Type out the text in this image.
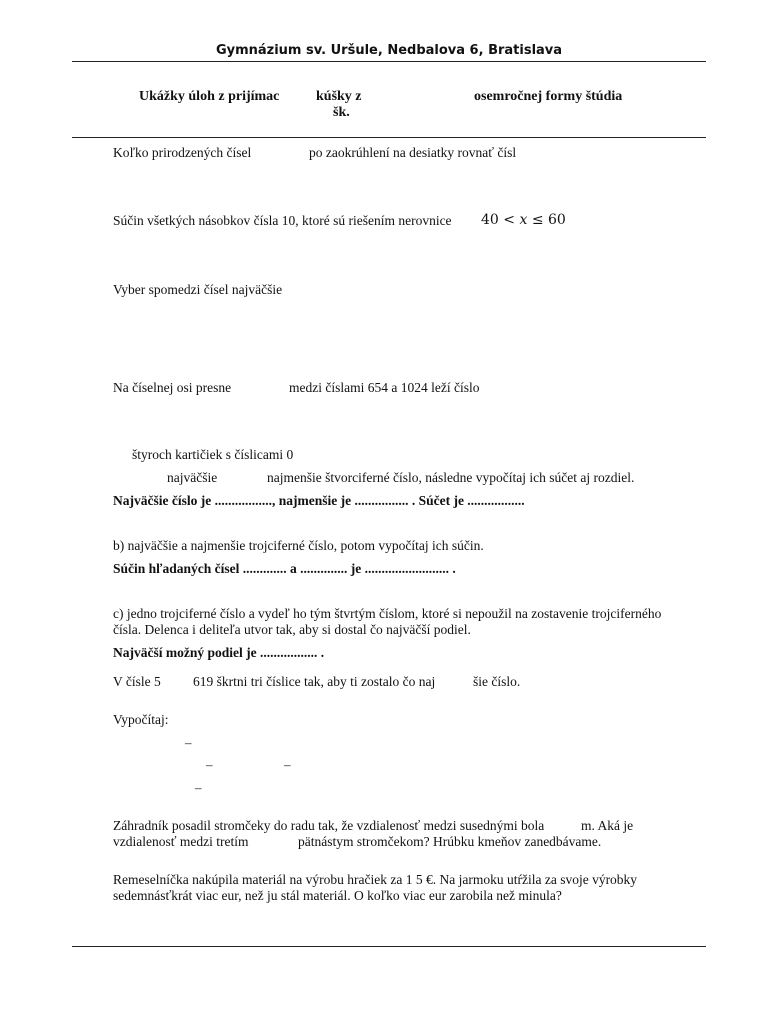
Gymnázium sv. Uršule, Nedbalova 6, Bratislava
Ukážky úloh z prijímac	kúšky z
šk.
osemročnej formy štúdia
Koľko prirodzených čísel	po zaokrúhlení na desiatky rovnať čísl
Súčin všetkých násobkov čísla 10, ktoré sú riešením nerovnice 40 < x ≤ 60
Vyber spomedzi čísel najväčšie
Na číselnej osi presne	medzi číslami 654 a 1024 leží číslo
štyroch kartičiek s číslicami 0
najväčšie	najmenšie štvorciferné číslo, následne vypočítaj ich súčet aj rozdiel.
Najväčšie číslo je ................., najmenšie je ................ . Súčet je .................
b) najväčšie a najmenšie trojciferné číslo, potom vypočítaj ich súčin.
Súčin hľadaných čísel ............. a .............. je ......................... .
c) jedno trojciferné číslo a vydeľ ho tým štvrtým číslom, ktoré si nepoužil na zostavenie trojciferného
čísla. Delenca i deliteľa utvor tak, aby si dostal čo najväčší podiel.
Najväčší možný podiel je ................. .
V čísle 5 619 škrtni tri číslice tak, aby ti zostalo čo naj	šie číslo.
Vypočítaj:
–
–	–
–
Záhradník posadil stromčeky do radu tak, že vzdialenosť medzi susednými bola	m. Aká je
vzdialenosť medzi tretím	pätnástym stromčekom? Hrúbku kmeňov zanedbávame.
Remeselníčka nakúpila materiál na výrobu hračiek za 1 5 €. Na jarmoku utŕžila za svoje výrobky
sedemnásťkrát viac eur, než ju stál materiál. O koľko viac eur zarobila než minula?
